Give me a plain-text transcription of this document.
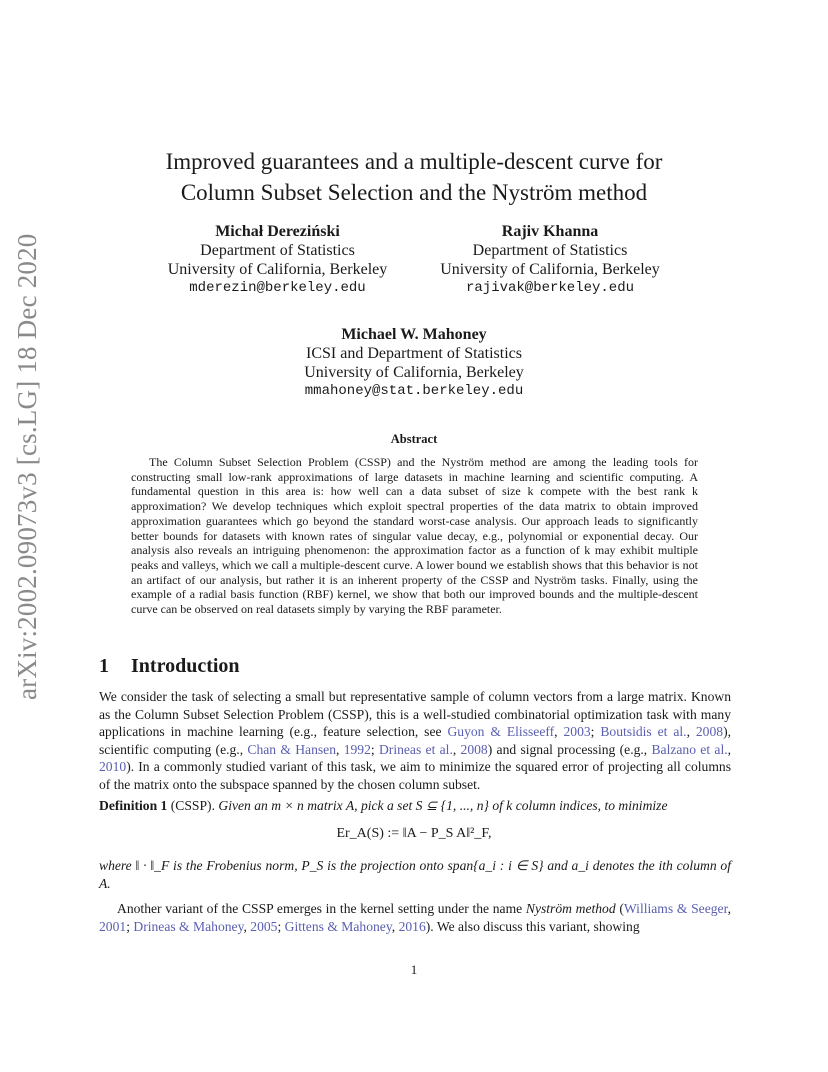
arXiv:2002.09073v3 [cs.LG] 18 Dec 2020
Improved guarantees and a multiple-descent curve for
Column Subset Selection and the Nyström method
Michał Dereziński
Department of Statistics
University of California, Berkeley
mderezin@berkeley.edu
Rajiv Khanna
Department of Statistics
University of California, Berkeley
rajivak@berkeley.edu
Michael W. Mahoney
ICSI and Department of Statistics
University of California, Berkeley
mmahoney@stat.berkeley.edu
Abstract
The Column Subset Selection Problem (CSSP) and the Nyström method are among the leading tools for constructing small low-rank approximations of large datasets in machine learning and scientific computing. A fundamental question in this area is: how well can a data subset of size k compete with the best rank k approximation? We develop techniques which exploit spectral properties of the data matrix to obtain improved approximation guarantees which go beyond the standard worst-case analysis. Our approach leads to significantly better bounds for datasets with known rates of singular value decay, e.g., polynomial or exponential decay. Our analysis also reveals an intriguing phenomenon: the approximation factor as a function of k may exhibit multiple peaks and valleys, which we call a multiple-descent curve. A lower bound we establish shows that this behavior is not an artifact of our analysis, but rather it is an inherent property of the CSSP and Nyström tasks. Finally, using the example of a radial basis function (RBF) kernel, we show that both our improved bounds and the multiple-descent curve can be observed on real datasets simply by varying the RBF parameter.
1 Introduction
We consider the task of selecting a small but representative sample of column vectors from a large matrix. Known as the Column Subset Selection Problem (CSSP), this is a well-studied combinatorial optimization task with many applications in machine learning (e.g., feature selection, see Guyon & Elisseeff, 2003; Boutsidis et al., 2008), scientific computing (e.g., Chan & Hansen, 1992; Drineas et al., 2008) and signal processing (e.g., Balzano et al., 2010). In a commonly studied variant of this task, we aim to minimize the squared error of projecting all columns of the matrix onto the subspace spanned by the chosen column subset.
Definition 1 (CSSP). Given an m × n matrix A, pick a set S ⊆ {1, ..., n} of k column indices, to minimize
Er_A(S) := ‖A − P_S A‖²_F,
where ‖ · ‖_F is the Frobenius norm, P_S is the projection onto span{a_i : i ∈ S} and a_i denotes the ith column of A.
Another variant of the CSSP emerges in the kernel setting under the name Nyström method (Williams & Seeger, 2001; Drineas & Mahoney, 2005; Gittens & Mahoney, 2016). We also discuss this variant, showing
1
